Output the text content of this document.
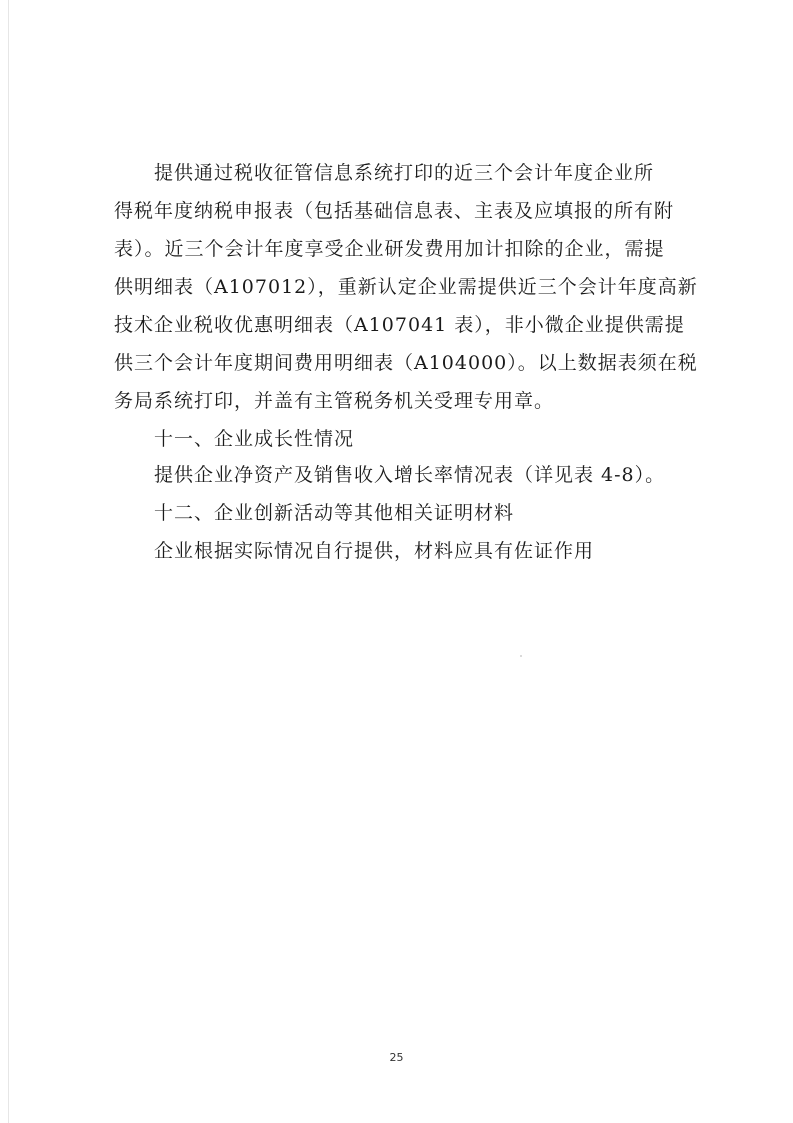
提供通过税收征管信息系统打印的近三个会计年度企业所
得税年度纳税申报表（包括基础信息表、主表及应填报的所有附
表）。近三个会计年度享受企业研发费用加计扣除的企业，需提
供明细表（A107012），重新认定企业需提供近三个会计年度高新
技术企业税收优惠明细表（A107041 表），非小微企业提供需提
供三个会计年度期间费用明细表（A104000）。以上数据表须在税
务局系统打印，并盖有主管税务机关受理专用章。
十一、企业成长性情况

提供企业净资产及销售收入增长率情况表（详见表 4-8）。

十二、企业创新活动等其他相关证明材料

企业根据实际情况自行提供，材料应具有佐证作用

25
